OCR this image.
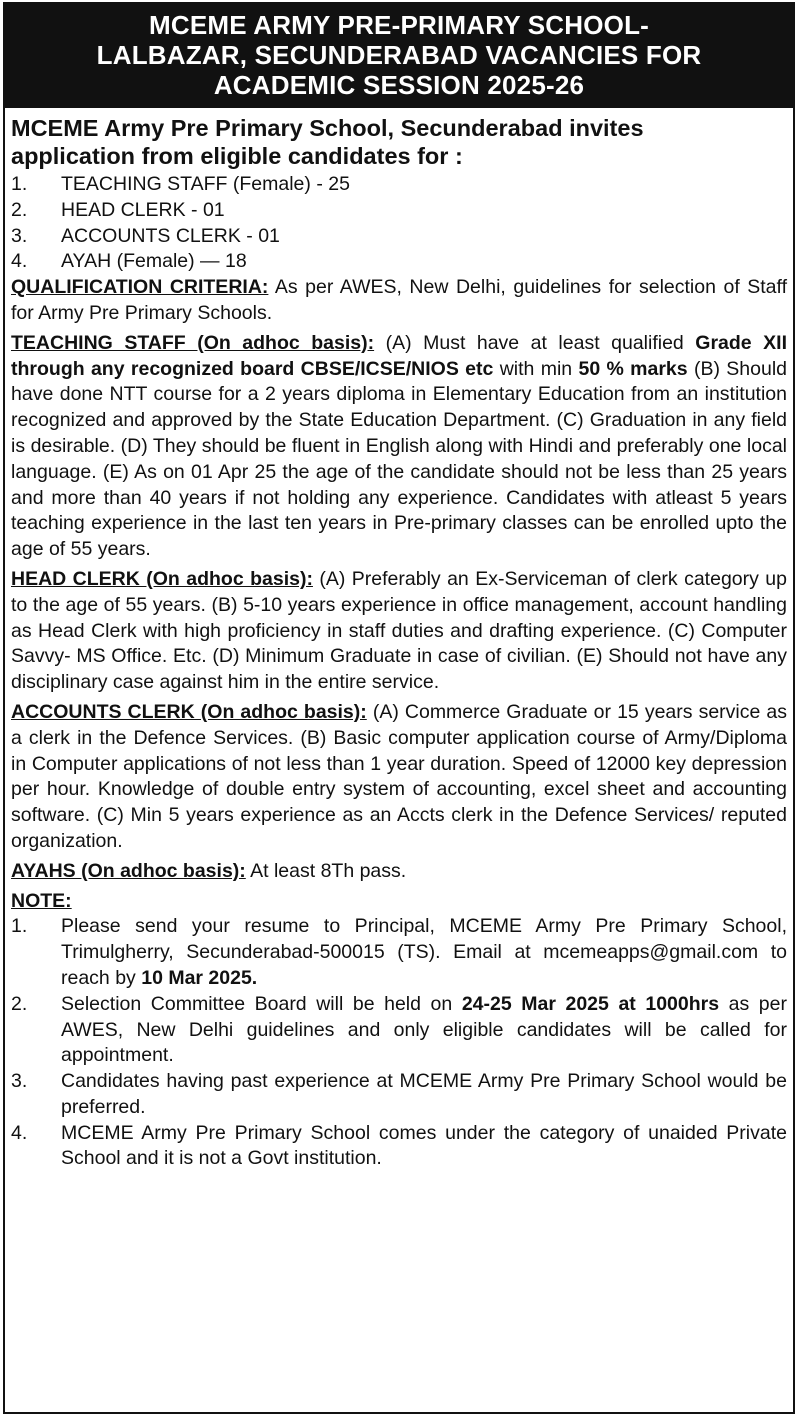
MCEME ARMY PRE-PRIMARY SCHOOL-
LALBAZAR, SECUNDERABAD VACANCIES FOR
ACADEMIC SESSION 2025-26
MCEME Army Pre Primary School, Secunderabad invites
application from eligible candidates for :
1.	TEACHING STAFF (Female) - 25
2.	HEAD CLERK - 01
3.	ACCOUNTS CLERK - 01
4.	AYAH (Female) — 18

QUALIFICATION CRITERIA: As per AWES, New Delhi, guidelines for selection of Staff for Army Pre Primary Schools.

TEACHING STAFF (On adhoc basis): (A) Must have at least qualified Grade XII through any recognized board CBSE/ICSE/NIOS etc with min 50 % marks (B) Should have done NTT course for a 2 years diploma in Elementary Education from an institution recognized and approved by the State Education Department. (C) Graduation in any field is desirable. (D) They should be fluent in English along with Hindi and preferably one local language. (E) As on 01 Apr 25 the age of the candidate should not be less than 25 years and more than 40 years if not holding any experience. Candidates with atleast 5 years teaching experience in the last ten years in Pre-primary classes can be enrolled upto the age of 55 years.

HEAD CLERK (On adhoc basis): (A) Preferably an Ex-Serviceman of clerk category up to the age of 55 years. (B) 5-10 years experience in office management, account handling as Head Clerk with high proficiency in staff duties and drafting experience. (C) Computer Savvy- MS Office. Etc. (D) Minimum Graduate in case of civilian. (E) Should not have any disciplinary case against him in the entire service.

ACCOUNTS CLERK (On adhoc basis): (A) Commerce Graduate or 15 years service as a clerk in the Defence Services. (B) Basic computer application course of Army/Diploma in Computer applications of not less than 1 year duration. Speed of 12000 key depression per hour. Knowledge of double entry system of accounting, excel sheet and accounting software. (C) Min 5 years experience as an Accts clerk in the Defence Services/ reputed organization.

AYAHS (On adhoc basis): At least 8Th pass.

NOTE:
1.	Please send your resume to Principal, MCEME Army Pre Primary School, Trimulgherry, Secunderabad-500015 (TS). Email at mcemeapps@gmail.com to reach by 10 Mar 2025.
2.	Selection Committee Board will be held on 24-25 Mar 2025 at 1000hrs as per AWES, New Delhi guidelines and only eligible candidates will be called for appointment.
3.	Candidates having past experience at MCEME Army Pre Primary School would be preferred.
4.	MCEME Army Pre Primary School comes under the category of unaided Private School and it is not a Govt institution.
